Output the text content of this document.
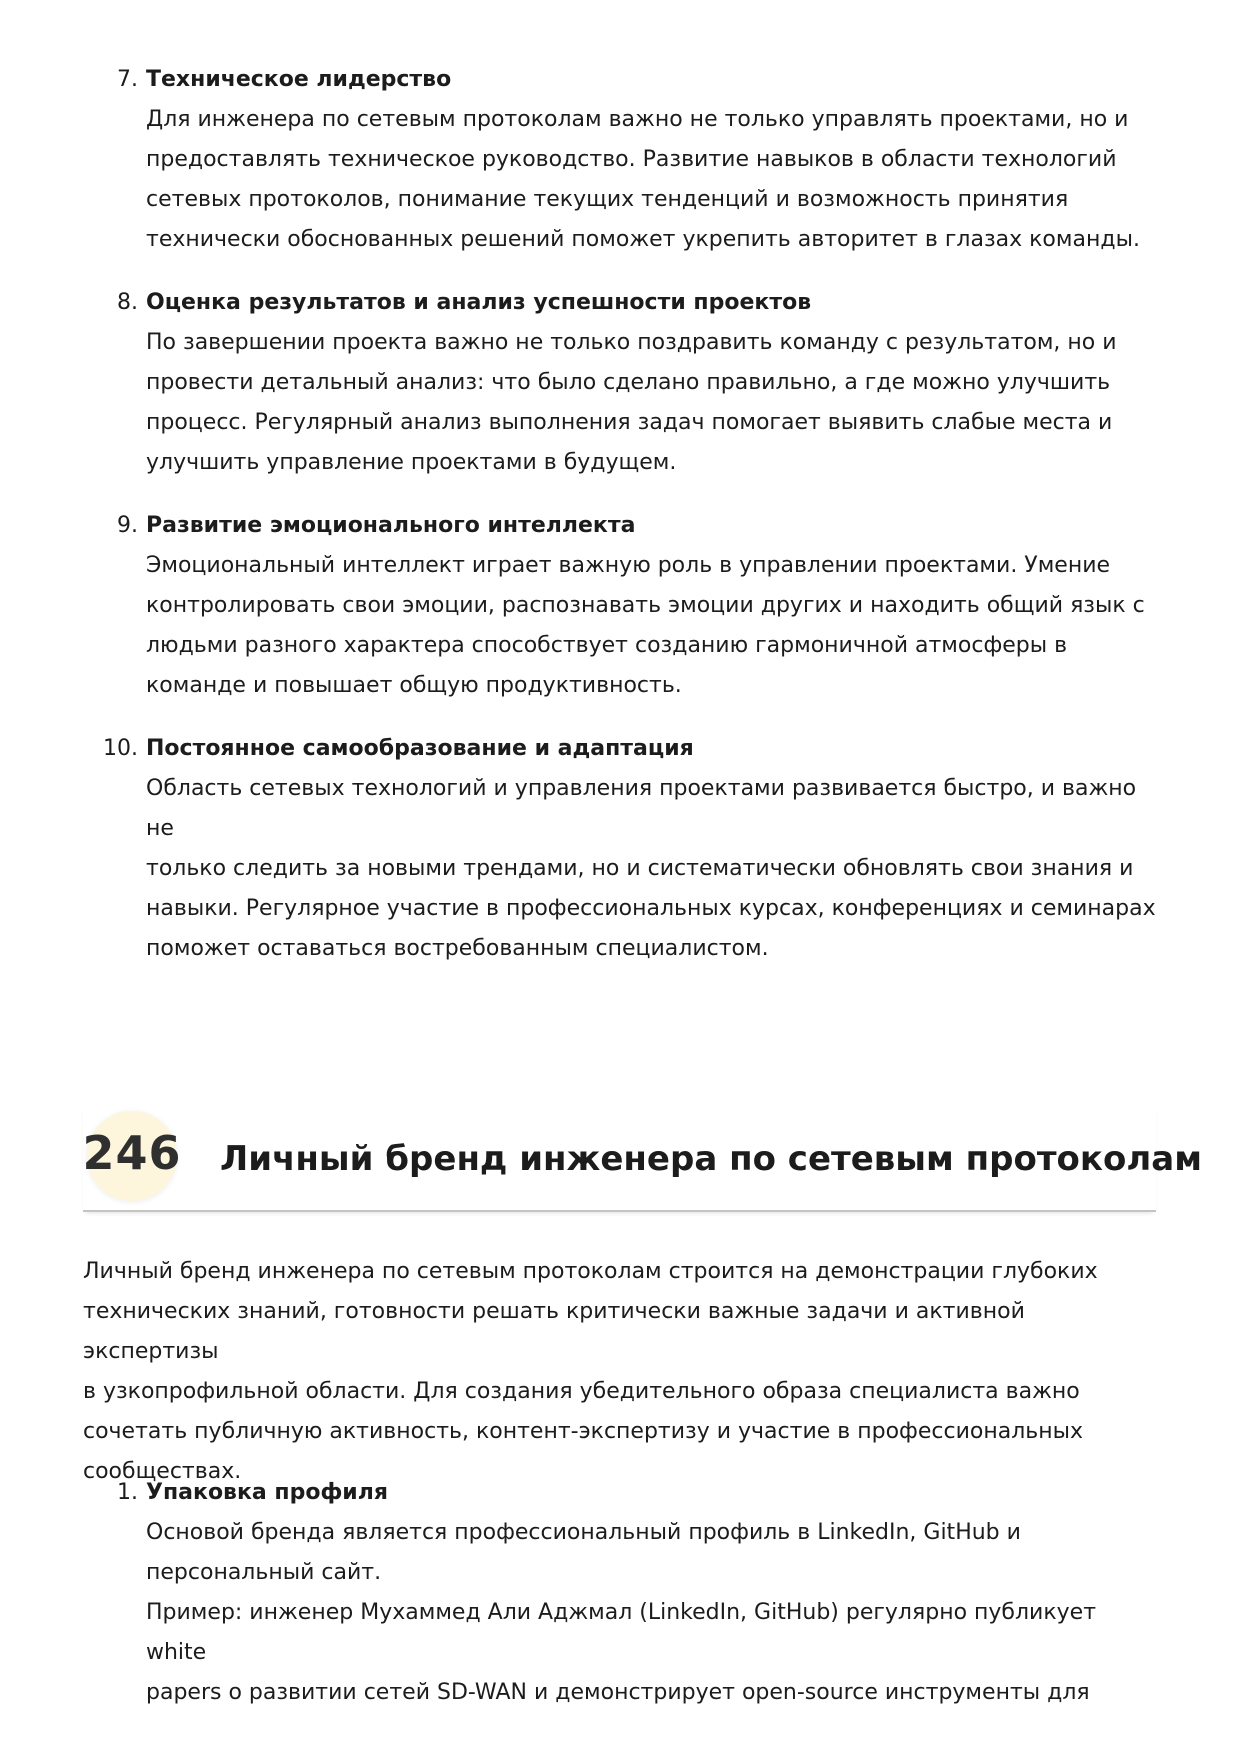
7. Техническое лидерство

Для инженера по сетевым протоколам важно не только управлять проектами, но и

предоставлять техническое руководство. Развитие навыков в области технологий

сетевых протоколов, понимание текущих тенденций и возможность принятия

технически обоснованных решений поможет укрепить авторитет в глазах команды.

8. Оценка результатов и анализ успешности проектов

По завершении проекта важно не только поздравить команду с результатом, но и

провести детальный анализ: что было сделано правильно, а где можно улучшить

процесс. Регулярный анализ выполнения задач помогает выявить слабые места и

улучшить управление проектами в будущем.

9. Развитие эмоционального интеллекта

Эмоциональный интеллект играет важную роль в управлении проектами. Умение

контролировать свои эмоции, распознавать эмоции других и находить общий язык с

людьми разного характера способствует созданию гармоничной атмосферы в

команде и повышает общую продуктивность.

10. Постоянное самообразование и адаптация

Область сетевых технологий и управления проектами развивается быстро, и важно не

только следить за новыми трендами, но и систематически обновлять свои знания и

навыки. Регулярное участие в профессиональных курсах, конференциях и семинарах

поможет оставаться востребованным специалистом.

246 Личный бренд инженера по сетевым протоколам

Личный бренд инженера по сетевым протоколам строится на демонстрации глубоких

технических знаний, готовности решать критически важные задачи и активной экспертизы

в узкопрофильной области. Для создания убедительного образа специалиста важно

сочетать публичную активность, контент-экспертизу и участие в профессиональных

сообществах.

1. Упаковка профиля

Основой бренда является профессиональный профиль в LinkedIn, GitHub и

персональный сайт.

Пример: инженер Мухаммед Али Аджмал (LinkedIn, GitHub) регулярно публикует white

papers о развитии сетей SD-WAN и демонстрирует open-source инструменты для
